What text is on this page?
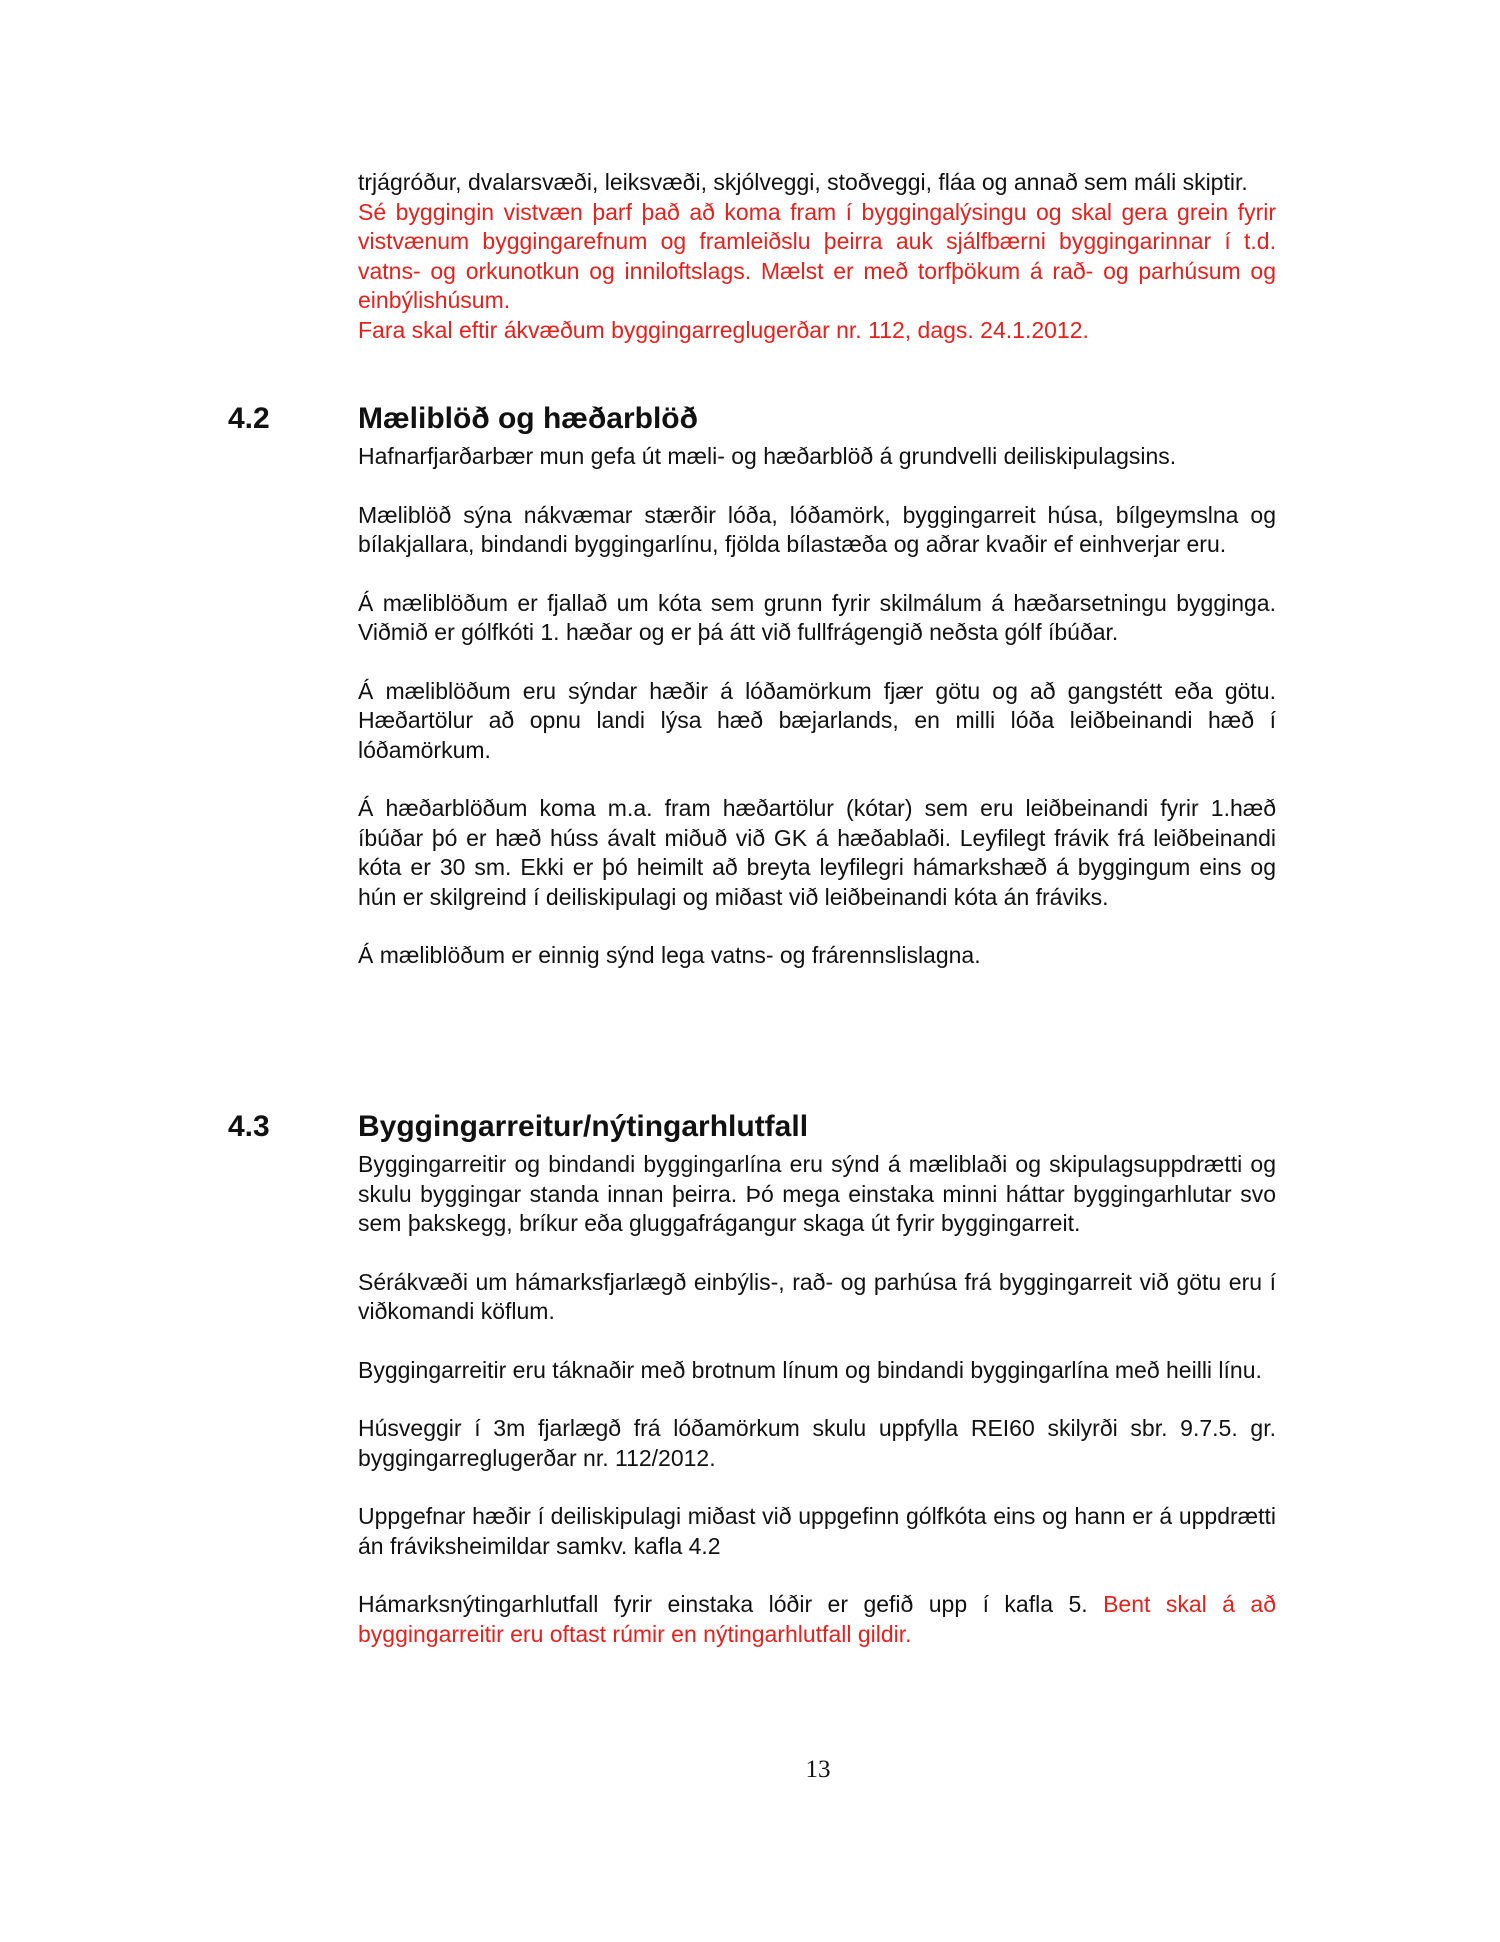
trjágróður, dvalarsvæði, leiksvæði, skjólveggi, stoðveggi, fláa og annað sem máli skiptir.

Sé byggingin vistvæn þarf það að koma fram í byggingalýsingu og skal gera grein fyrir vistvænum byggingarefnum og framleiðslu þeirra auk sjálfbærni byggingarinnar í t.d. vatns- og orkunotkun og inniloftslags. Mælst er með torfþökum á rað- og parhúsum og einbýlishúsum.

Fara skal eftir ákvæðum byggingarreglugerðar nr. 112, dags. 24.1.2012.

4.2	Mæliblöð og hæðarblöð

Hafnarfjarðarbær mun gefa út mæli- og hæðarblöð á grundvelli deiliskipulagsins.

Mæliblöð sýna nákvæmar stærðir lóða, lóðamörk, byggingarreit húsa, bílgeymslna og bílakjallara, bindandi byggingarlínu, fjölda bílastæða og aðrar kvaðir ef einhverjar eru.

Á mæliblöðum er fjallað um kóta sem grunn fyrir skilmálum á hæðarsetningu bygginga. Viðmið er gólfkóti 1. hæðar og er þá átt við fullfrágengið neðsta gólf íbúðar.

Á mæliblöðum eru sýndar hæðir á lóðamörkum fjær götu og að gangstétt eða götu. Hæðartölur að opnu landi lýsa hæð bæjarlands, en milli lóða leiðbeinandi hæð í lóðamörkum.

Á hæðarblöðum koma m.a. fram hæðartölur (kótar) sem eru leiðbeinandi fyrir 1.hæð íbúðar þó er hæð húss ávalt miðuð við GK á hæðablaði. Leyfilegt frávik frá leiðbeinandi kóta er 30 sm. Ekki er þó heimilt að breyta leyfilegri hámarkshæð á byggingum eins og hún er skilgreind í deiliskipulagi og miðast við leiðbeinandi kóta án fráviks.

Á mæliblöðum er einnig sýnd lega vatns- og frárennslislagna.

4.3	Byggingarreitur/nýtingarhlutfall

Byggingarreitir og bindandi byggingarlína eru sýnd á mæliblaði og skipulagsuppdrætti og skulu byggingar standa innan þeirra. Þó mega einstaka minni háttar byggingarhlutar svo sem þakskegg, bríkur eða gluggafrágangur skaga út fyrir byggingarreit.

Sérákvæði um hámarksfjarlægð einbýlis-, rað- og parhúsa frá byggingarreit við götu eru í viðkomandi köflum.

Byggingarreitir eru táknaðir með brotnum línum og bindandi byggingarlína með heilli línu.

Húsveggir í 3m fjarlægð frá lóðamörkum skulu uppfylla REI60 skilyrði sbr. 9.7.5. gr. byggingarreglugerðar nr. 112/2012.

Uppgefnar hæðir í deiliskipulagi miðast við uppgefinn gólfkóta eins og hann er á uppdrætti án fráviksheimildar samkv. kafla 4.2

Hámarksnýtingarhlutfall fyrir einstaka lóðir er gefið upp í kafla 5. Bent skal á að byggingarreitir eru oftast rúmir en nýtingarhlutfall gildir.

13
